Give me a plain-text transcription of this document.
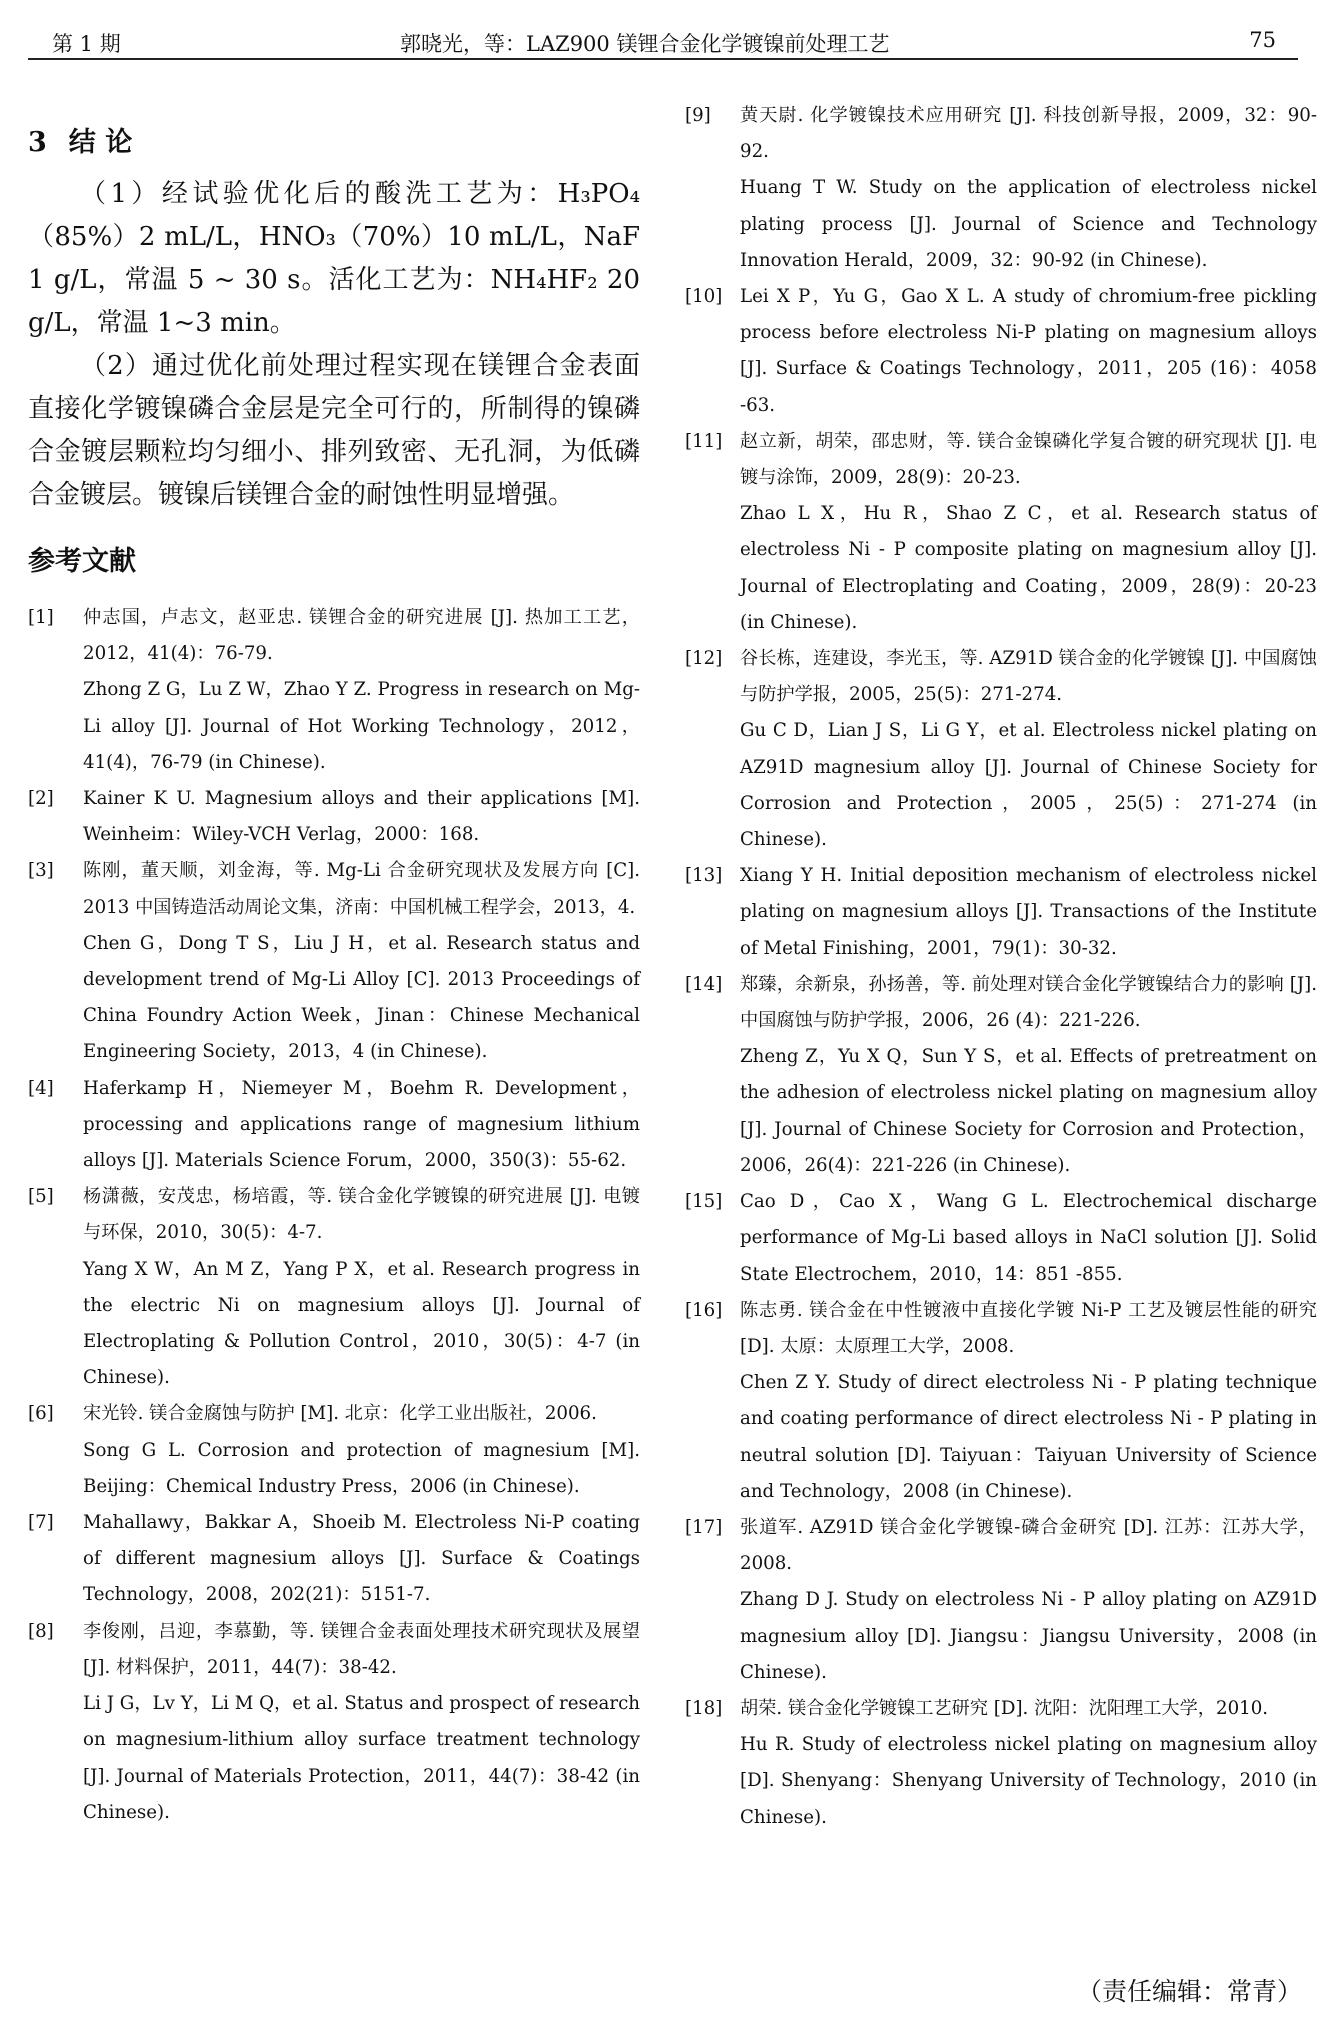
第 1 期	郭晓光，等：LAZ900 镁锂合金化学镀镍前处理工艺	75
3 结 论

（1）经试验优化后的酸洗工艺为：H₃PO₄（85%）2 mL/L，HNO₃（70%）10 mL/L，NaF 1 g/L，常温 5 ~ 30 s。活化工艺为：NH₄HF₂ 20 g/L，常温 1~3 min。

（2）通过优化前处理过程实现在镁锂合金表面直接化学镀镍磷合金层是完全可行的，所制得的镍磷合金镀层颗粒均匀细小、排列致密、无孔洞，为低磷合金镀层。镀镍后镁锂合金的耐蚀性明显增强。

参考文献
[1] 仲志国，卢志文，赵亚忠. 镁锂合金的研究进展 [J]. 热加工工艺，2012，41(4)：76-79.
Zhong Z G，Lu Z W，Zhao Y Z. Progress in research on Mg-Li alloy [J]. Journal of Hot Working Technology，2012，41(4)，76-79 (in Chinese).
[2] Kainer K U. Magnesium alloys and their applications [M]. Weinheim：Wiley-VCH Verlag，2000：168.
[3] 陈刚，董天顺，刘金海，等. Mg-Li 合金研究现状及发展方向 [C]. 2013 中国铸造活动周论文集，济南：中国机械工程学会，2013，4.
Chen G，Dong T S，Liu J H，et al. Research status and development trend of Mg-Li Alloy [C]. 2013 Proceedings of China Foundry Action Week，Jinan：Chinese Mechanical Engineering Society，2013，4 (in Chinese).
[4] Haferkamp H，Niemeyer M，Boehm R. Development，processing and applications range of magnesium lithium alloys [J]. Materials Science Forum，2000，350(3)：55-62.
[5] 杨潇薇，安茂忠，杨培霞，等. 镁合金化学镀镍的研究进展 [J]. 电镀与环保，2010，30(5)：4-7.
Yang X W，An M Z，Yang P X，et al. Research progress in the electric Ni on magnesium alloys [J]. Journal of Electroplating & Pollution Control，2010，30(5)：4-7 (in Chinese).
[6] 宋光铃. 镁合金腐蚀与防护 [M]. 北京：化学工业出版社，2006.
Song G L. Corrosion and protection of magnesium [M]. Beijing：Chemical Industry Press，2006 (in Chinese).
[7] Mahallawy，Bakkar A，Shoeib M. Electroless Ni-P coating of different magnesium alloys [J]. Surface & Coatings Technology，2008，202(21)：5151-7.
[8] 李俊刚，吕迎，李慕勤，等. 镁锂合金表面处理技术研究现状及展望 [J]. 材料保护，2011，44(7)：38-42.
Li J G，Lv Y，Li M Q，et al. Status and prospect of research on magnesium-lithium alloy surface treatment technology [J]. Journal of Materials Protection，2011，44(7)：38-42 (in Chinese).
[9] 黄天尉. 化学镀镍技术应用研究 [J]. 科技创新导报，2009，32：90-92.
Huang T W. Study on the application of electroless nickel plating process [J]. Journal of Science and Technology Innovation Herald，2009，32：90-92 (in Chinese).
[10] Lei X P，Yu G，Gao X L. A study of chromium-free pickling process before electroless Ni-P plating on magnesium alloys [J]. Surface & Coatings Technology，2011，205 (16)：4058 -63.
[11] 赵立新，胡荣，邵忠财，等. 镁合金镍磷化学复合镀的研究现状 [J]. 电镀与涂饰，2009，28(9)：20-23.
Zhao L X，Hu R，Shao Z C，et al. Research status of electroless Ni - P composite plating on magnesium alloy [J]. Journal of Electroplating and Coating，2009，28(9)：20-23 (in Chinese).
[12] 谷长栋，连建设，李光玉，等. AZ91D 镁合金的化学镀镍 [J]. 中国腐蚀与防护学报，2005，25(5)：271-274.
Gu C D，Lian J S，Li G Y，et al. Electroless nickel plating on AZ91D magnesium alloy [J]. Journal of Chinese Society for Corrosion and Protection，2005，25(5)：271-274 (in Chinese).
[13] Xiang Y H. Initial deposition mechanism of electroless nickel plating on magnesium alloys [J]. Transactions of the Institute of Metal Finishing，2001，79(1)：30-32.
[14] 郑臻，余新泉，孙扬善，等. 前处理对镁合金化学镀镍结合力的影响 [J]. 中国腐蚀与防护学报，2006，26 (4)：221-226.
Zheng Z，Yu X Q，Sun Y S，et al. Effects of pretreatment on the adhesion of electroless nickel plating on magnesium alloy [J]. Journal of Chinese Society for Corrosion and Protection，2006，26(4)：221-226 (in Chinese).
[15] Cao D，Cao X，Wang G L. Electrochemical discharge performance of Mg-Li based alloys in NaCl solution [J]. Solid State Electrochem，2010，14：851 -855.
[16] 陈志勇. 镁合金在中性镀液中直接化学镀 Ni-P 工艺及镀层性能的研究 [D]. 太原：太原理工大学，2008.
Chen Z Y. Study of direct electroless Ni - P plating technique and coating performance of direct electroless Ni - P plating in neutral solution [D]. Taiyuan：Taiyuan University of Science and Technology，2008 (in Chinese).
[17] 张道军. AZ91D 镁合金化学镀镍-磷合金研究 [D]. 江苏：江苏大学，2008.
Zhang D J. Study on electroless Ni - P alloy plating on AZ91D magnesium alloy [D]. Jiangsu：Jiangsu University，2008 (in Chinese).
[18] 胡荣. 镁合金化学镀镍工艺研究 [D]. 沈阳：沈阳理工大学，2010.
Hu R. Study of electroless nickel plating on magnesium alloy [D]. Shenyang：Shenyang University of Technology，2010 (in Chinese).
（责任编辑：常青）
